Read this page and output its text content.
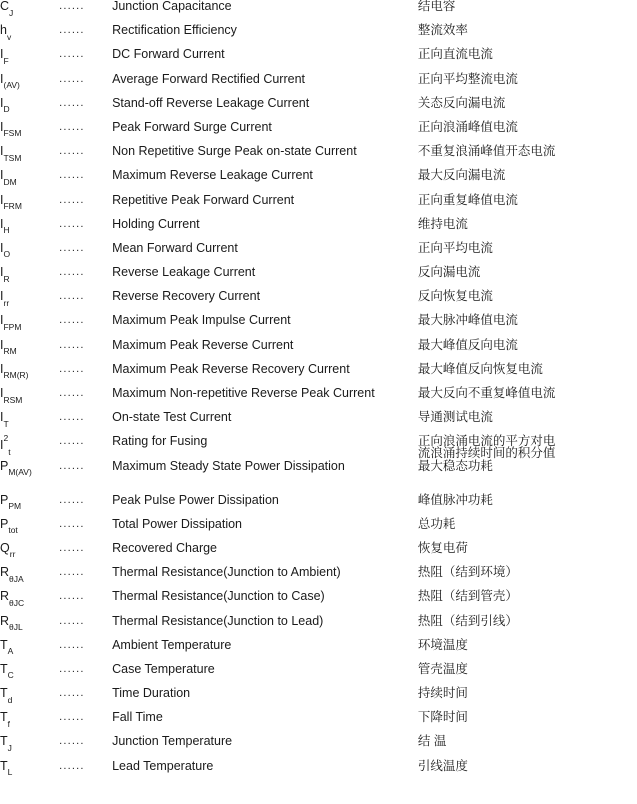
$C_J$	......	Junction Capacitance	结电容

$h_v$	......	Rectification Efficiency	整流效率

$I_F$	......	DC Forward Current	正向直流电流

$I_{(AV)}$	......	Average Forward Rectified Current	正向平均整流电流

$I_D$	......	Stand-off Reverse Leakage Current	关态反向漏电流

$I_{FSM}$	......	Peak Forward Surge Current	正向浪涌峰值电流

$I_{TSM}$	......	Non Repetitive Surge Peak on-state Current	不重复浪涌峰值开态电流

$I_{DM}$	......	Maximum Reverse Leakage Current	最大反向漏电流

$I_{FRM}$	......	Repetitive Peak Forward Current	正向重复峰值电流

$I_H$	......	Holding Current	维持电流

$I_O$	......	Mean Forward Current	正向平均电流

$I_R$	......	Reverse Leakage Current	反向漏电流

$I_{rr}$	......	Reverse Recovery Current	反向恢复电流

$I_{FPM}$	......	Maximum Peak Impulse Current	最大脉冲峰值电流

$I_{RM}$	......	Maximum Peak Reverse Current	最大峰值反向电流

$I_{RM(R)}$	......	Maximum Peak Reverse Recovery Current	最大峰值反向恢复电流

$I_{RSM}$	......	Maximum Non-repetitive Reverse Peak Current	最大反向不重复峰值电流

$I_T$	......	On-state Test Current	导通测试电流

$I^2_t$	......	Rating for Fusing	正向浪涌电流的平方对电
流浪涌持续时间的积分值

$P_{M(AV)}$	......	Maximum Steady State Power Dissipation	最大稳态功耗

$P_{PM}$	......	Peak Pulse Power Dissipation	峰值脉冲功耗

$P_{tot}$	......	Total Power Dissipation	总功耗

$Q_{rr}$	......	Recovered Charge	恢复电荷

$R_{\theta JA}$	......	Thermal Resistance(Junction to Ambient)	热阻（结到环境）

$R_{\theta JC}$	......	Thermal Resistance(Junction to Case)	热阻（结到管壳）

$R_{\theta JL}$	......	Thermal Resistance(Junction to Lead)	热阻（结到引线）

$T_A$	......	Ambient Temperature	环境温度

$T_C$	......	Case Temperature	管壳温度

$T_d$	......	Time Duration	持续时间

$T_f$	......	Fall Time	下降时间

$T_J$	......	Junction Temperature	结 温

$T_L$	......	Lead Temperature	引线温度
